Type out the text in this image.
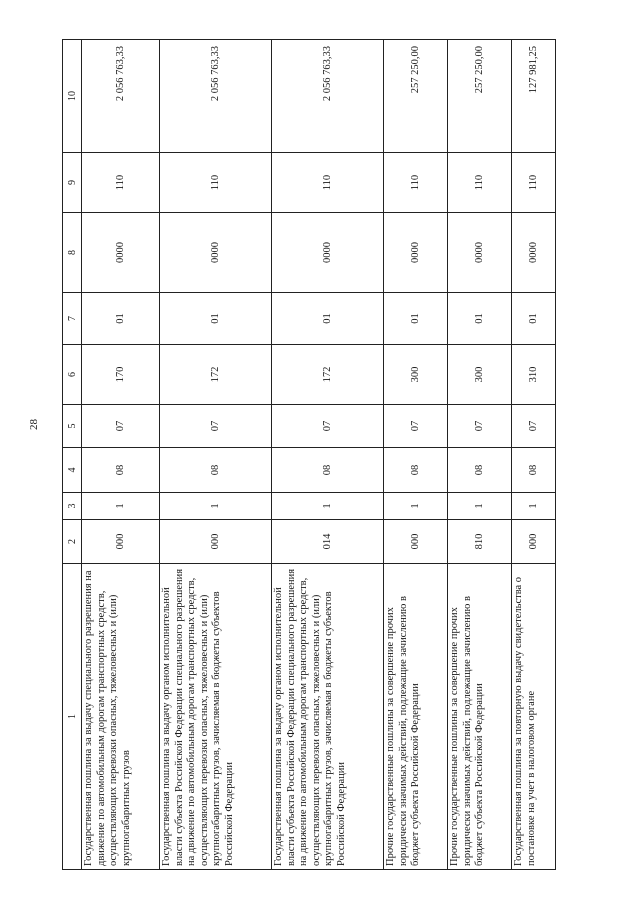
28
1	2	3	4	5	6	7	8	9	10
Государственная пошлина за выдачу специального разрешения на движение по автомобильным дорогам транспортных средств, осуществляющих перевозки опасных, тяжеловесных и (или) крупногабаритных грузов	000	1	08	07	170	01	0000	110	2 056 763,33
Государственная пошлина за выдачу органом исполнительной власти субъекта Российской Федерации специального разрешения на движение по автомобильным дорогам транспортных средств, осуществляющих перевозки опасных, тяжеловесных и (или) крупногабаритных грузов, зачисляемая в бюджеты субъектов Российской Федерации	000	1	08	07	172	01	0000	110	2 056 763,33
Государственная пошлина за выдачу органом исполнительной власти субъекта Российской Федерации специального разрешения на движение по автомобильным дорогам транспортных средств, осуществляющих перевозки опасных, тяжеловесных и (или) крупногабаритных грузов, зачисляемая в бюджеты субъектов Российской Федерации	014	1	08	07	172	01	0000	110	2 056 763,33
Прочие государственные пошлины за совершение прочих юридически значимых действий, подлежащие зачислению в бюджет субъекта Российской Федерации	000	1	08	07	300	01	0000	110	257 250,00
Прочие государственные пошлины за совершение прочих юридически значимых действий, подлежащие зачислению в бюджет субъекта Российской Федерации	810	1	08	07	300	01	0000	110	257 250,00
Государственная пошлина за повторную выдачу свидетельства о постановке на учет в налоговом органе	000	1	08	07	310	01	0000	110	127 981,25
